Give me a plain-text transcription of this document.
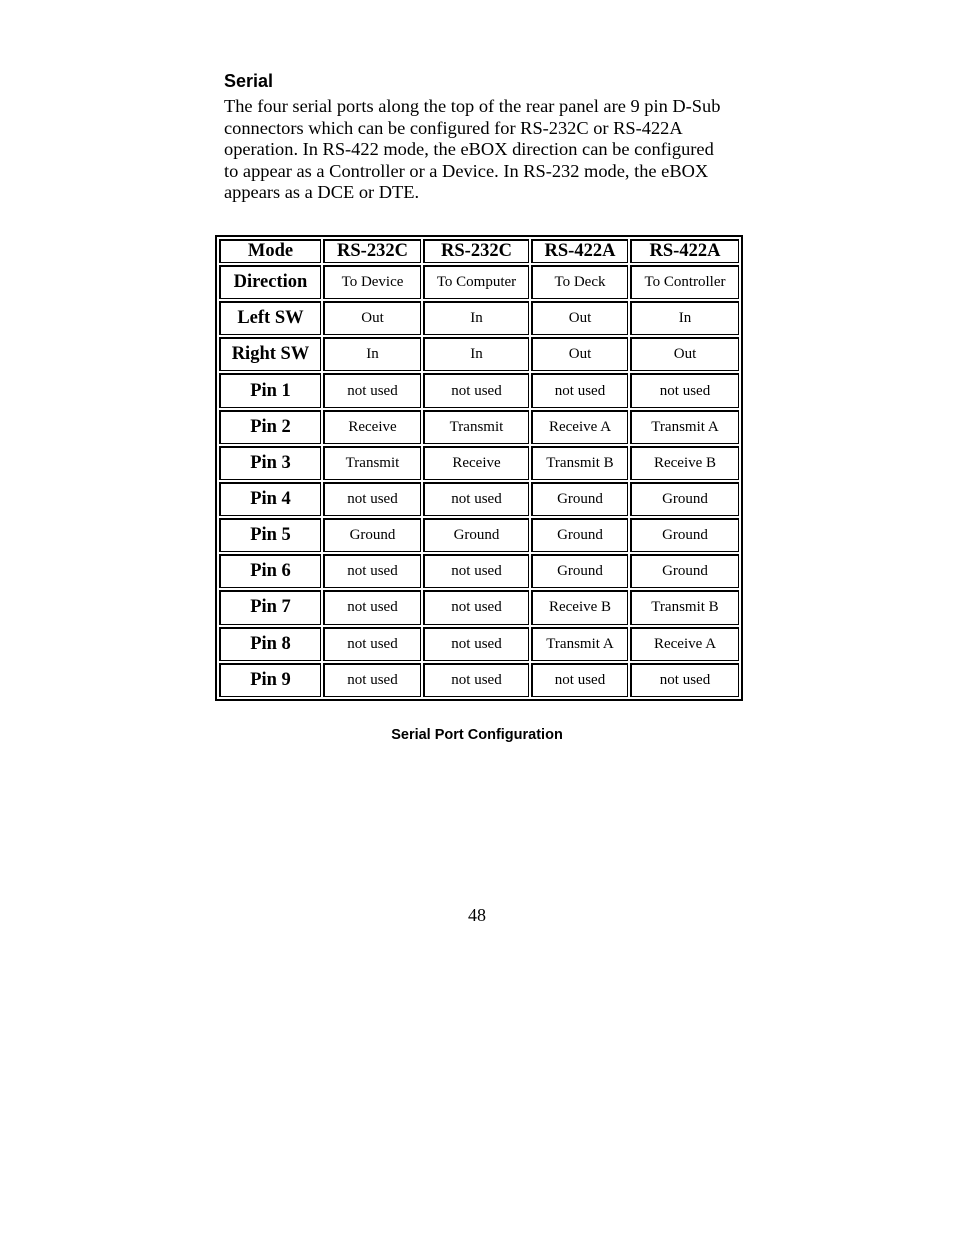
Serial

The four serial ports along the top of the rear panel are 9 pin D-Sub
connectors which can be configured for RS-232C or RS-422A
operation. In RS-422 mode, the eBOX direction can be configured
to appear as a Controller or a Device. In RS-232 mode, the eBOX
appears as a DCE or DTE.

Mode	RS-232C	RS-232C	RS-422A	RS-422A
Direction	To Device	To Computer	To Deck	To Controller
Left SW	Out	In	Out	In
Right SW	In	In	Out	Out
Pin 1	not used	not used	not used	not used
Pin 2	Receive	Transmit	Receive A	Transmit A
Pin 3	Transmit	Receive	Transmit B	Receive B
Pin 4	not used	not used	Ground	Ground
Pin 5	Ground	Ground	Ground	Ground
Pin 6	not used	not used	Ground	Ground
Pin 7	not used	not used	Receive B	Transmit B
Pin 8	not used	not used	Transmit A	Receive A
Pin 9	not used	not used	not used	not used

Serial Port Configuration

48
